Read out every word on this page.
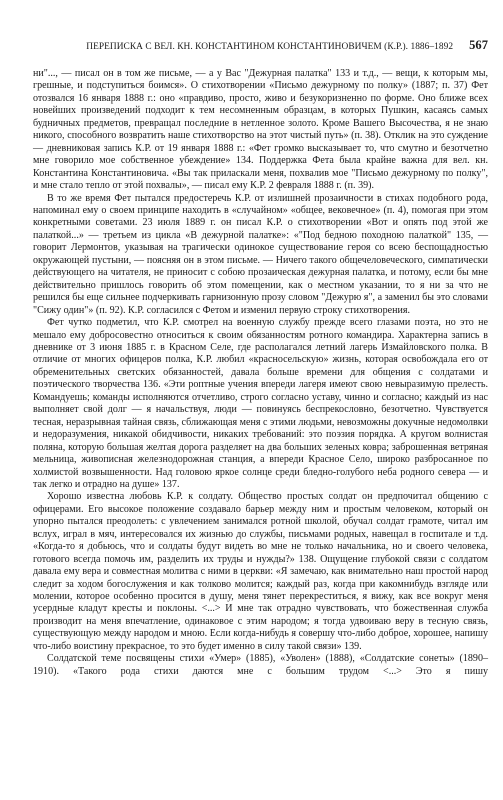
ПЕРЕПИСКА С ВЕЛ. КН. КОНСТАНТИНОМ КОНСТАНТИНОВИЧЕМ (К.Р.). 1886–1892 567

ни"..., — писал он в том же письме, — а у Вас "Дежурная палатка" 133 и т.д., — вещи, к которым мы, грешные, и подступиться боимся». О стихотворении «Письмо дежурному по полку» (1887; п. 37) Фет отозвался 16 января 1888 г.: оно «правдиво, просто, живо и безукоризненно по форме. Оно ближе всех новейших произведений подходит к тем несомненным образцам, в которых Пушкин, касаясь самых будничных предметов, превращал последние в нетленное золото. Кроме Вашего Высочества, я не знаю никого, способного возвратить наше стихотворство на этот чистый путь» (п. 38). Отклик на это суждение — дневниковая запись К.Р. от 19 января 1888 г.: «Фет громко высказывает то, что смутно и безотчетно мне говорило мое собственное убеждение» 134. Поддержка Фета была крайне важна для вел. кн. Константина Константиновича. «Вы так приласкали меня, похвалив мое "Письмо дежурному по полку", и мне стало тепло от этой похвалы», — писал ему К.Р. 2 февраля 1888 г. (п. 39).

В то же время Фет пытался предостеречь К.Р. от излишней прозаичности в стихах подобного рода, напоминал ему о своем принципе находить в «случайном» «общее, вековечное» (п. 4), помогая при этом конкретными советами. 23 июля 1889 г. он писал К.Р. о стихотворении «Вот и опять под этой же палаткой...» — третьем из цикла «В дежурной палатке»: «"Под бедною походною палаткой" 135, — говорит Лермонтов, указывая на трагически одинокое существование героя со всею беспощадностью окружающей пустыни, — поясняя он в этом письме. — Ничего такого общечеловеческого, симпатически действующего на читателя, не приносит с собою прозаическая дежурная палатка, и потому, если бы мне действительно пришлось говорить об этом помещении, как о местном указании, то я ни за что не решился бы еще сильнее подчеркивать гарнизонную прозу словом "Дежурю я", а заменил бы это словами "Сижу один"» (п. 92). К.Р. согласился с Фетом и изменил первую строку стихотворения.

Фет чутко подметил, что К.Р. смотрел на военную службу прежде всего глазами поэта, но это не мешало ему добросовестно относиться к своим обязанностям ротного командира. Характерна запись в дневнике от 3 июня 1885 г. в Красном Селе, где располагался летний лагерь Измайловского полка. В отличие от многих офицеров полка, К.Р. любил «красносельскую» жизнь, которая освобождала его от обременительных светских обязанностей, давала больше времени для общения с солдатами и поэтического творчества 136. «Эти роптные учения впереди лагеря имеют свою невыразимую прелесть. Командуешь; команды исполняются отчетливо, строго согласно уставу, чинно и согласно; каждый из нас выполняет свой долг — я начальствуя, люди — повинуясь беспрекословно, безотчетно. Чувствуется тесная, неразрывная тайная связь, сближающая меня с этими людьми, невозможны докучные недомолвки и недоразумения, никакой обидчивости, никаких требований: это поэзия порядка. А кругом волнистая поляна, которую большая желтая дорога разделяет на два больших зеленых ковра; заброшенная ветряная мельница, живописная железнодорожная станция, а впереди Красное Село, широко разбросанное по холмистой возвышенности. Над головою яркое солнце среди бледно-голубого неба родного севера — и так легко и отрадно на душе» 137.

Хорошо известна любовь К.Р. к солдату. Общество простых солдат он предпочитал общению с офицерами. Его высокое положение создавало барьер между ним и простым человеком, который он упорно пытался преодолеть: с увлечением занимался ротной школой, обучал солдат грамоте, читал им вслух, играл в мяч, интересовался их жизнью до службы, письмами родных, навещал в госпитале и т.д. «Когда-то я добьюсь, что и солдаты будут видеть во мне не только начальника, но и своего человека, готового всегда помочь им, разделить их труды и нужды?» 138. Ощущение глубокой связи с солдатом давала ему вера и совместная молитва с ними в церкви: «Я замечаю, как внимательно наш простой народ следит за ходом богослужения и как толково молится; каждый раз, когда при какомнибудь взгляде или молении, которое особенно просится в душу, меня тянет перекреститься, я вижу, как все вокруг меня усердные кладут кресты и поклоны. <...> И мне так отрадно чувствовать, что божественная служба производит на меня впечатление, одинаковое с этим народом; я тогда удвоиваю веру в тесную связь, существующую между народом и мною. Если когда-нибудь я совершу что-либо доброе, хорошее, напишу что-либо воистину прекрасное, то это будет именно в силу такой связи» 139.

Солдатской теме посвящены стихи «Умер» (1885), «Уволен» (1888), «Солдатские сонеты» (1890–1910). «Такого рода стихи даются мне с большим трудом <...> Это я пишу
